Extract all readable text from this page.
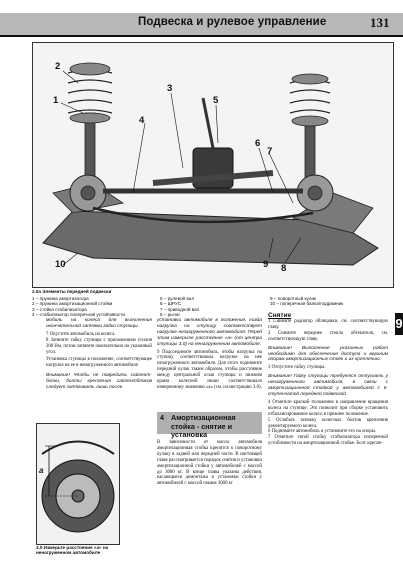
Подвеска и рулевое управление	131
2
1
3
4
5
6
7
8
9
10
2.0a Элементы передней подвески
1 – пружина амортизатора
2 – пружина амортизационной стойки
3 – стойка стабилизатора
4 – стабилизатор поперечной устойчивости
5 – рулевой вал
6 – ШРУС
7 – приводной вал
8 – рычаг
9 – поворотный кулак
10 – поперечная балка/подрамник
мобиль на колеса для выполнения окончательной затяжки гайки ступицы.
7 Опустите автомобиль на колеса.
8 Затяните гайку ступицы с приложением усилия 200 Нм, потом затяните окончательно на указанный угол.
Установка ступицы в положение, соответствующее нагрузке на ее в ненагруженного автомобиля
Внимание! Чтобы не повредить сайлент-блоки, болты крепления сайлентблоков следует затягивать лишь после
a
3.0 Измерьте расстояние «а» на ненагруженном автомобиле
установки автомобиля в положение, когда нагрузка на ступицу соответствует нагрузке незагруженного автомобиля. Перед этим измерьте расстояние «а» (от центра ступицы 3.0) на ненагруженном автомобиле.
9 Подсоедините автомобиль, чтобы нагрузка на ступицу соответствовала нагрузке на нее незагруженного автомобиля. Для этого поднимите передний кулак таким образом, чтобы расстояние между центральной осью ступицы и нижним краем колесной ниши соответствовало измеренному значению «а» (см. иллюстрацию 3.0).
4 Амортизационная стойка - снятие и установка
В зависимости от массы автомобиля амортизационная стойка крепится к поворотному кулаку в задней или передней части. В настоящей главе рассматривается порядок снятия и установки амортизационной стойки у автомобилей с массой до 3000 кг. В конце главы указаны действия, касающиеся демонтажа и установки стойки у автомобилей с массой свыше 3000 кг
Снятие
1 Снимите радиатор облицовки, см. соответствующую главу.
2 Снимите переднее стекло обтекателя, см. соответствующую главу.
Внимание! Выполнение указанных работ необходимо для обеспечения доступа к верхним опорам амортизационных стоек и их креплению.
3 Отпустите гайку ступицы.
Внимание! Гайку ступицы требуется отпускать у ненагруженного автомобиля, в связи с амортизационной стойкой у автомобилей с 6-ступенчатой передней подвеской.
4 Отметьте краской положение и направление вращения колеса на ступице. Это позволит при сборке установить отбалансированное колесо в прежнее положение.
5 Ослабьте затяжку колесных болтов крепления демонтируемого колеса.
6 Поднимите автомобиль и установите его на опоры.
7 Отметьте тягой стойку стабилизатора поперечной устойчивости на амортизационной стойке. Болт крепле-
9
